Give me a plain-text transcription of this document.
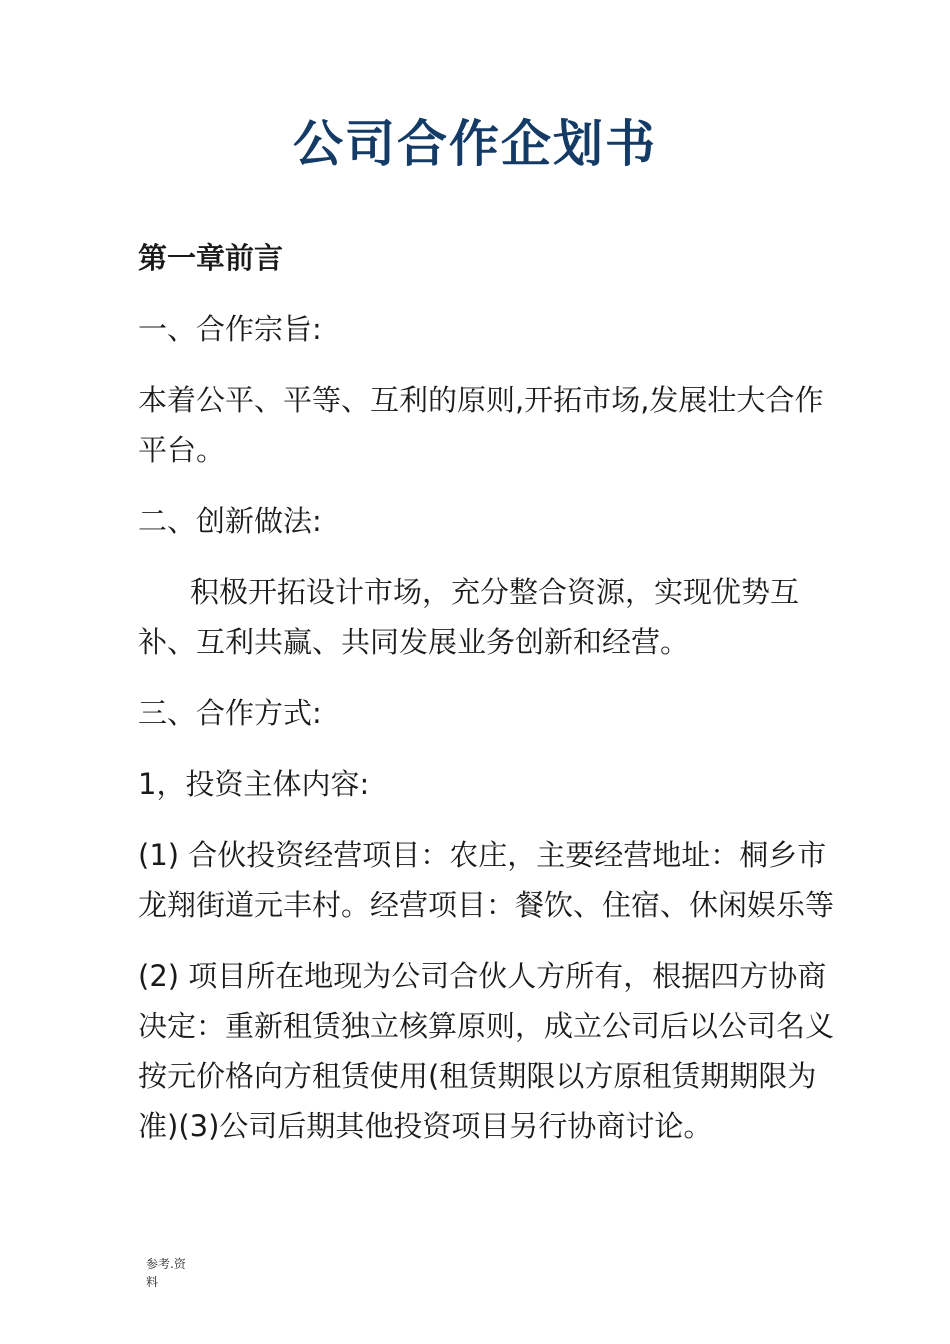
公司合作企划书

第一章前言

一、合作宗旨:

本着公平、平等、互利的原则,开拓市场,发展壮大合作平台。

二、创新做法:

积极开拓设计市场，充分整合资源，实现优势互补、互利共赢、共同发展业务创新和经营。

三、合作方式:

1，投资主体内容:

(1) 合伙投资经营项目：农庄，主要经营地址：桐乡市龙翔街道元丰村。经营项目：餐饮、住宿、休闲娱乐等

(2) 项目所在地现为公司合伙人方所有，根据四方协商决定：重新租赁独立核算原则，成立公司后以公司名义按元价格向方租赁使用(租赁期限以方原租赁期期限为准)(3)公司后期其他投资项目另行协商讨论。

参考.资
料
